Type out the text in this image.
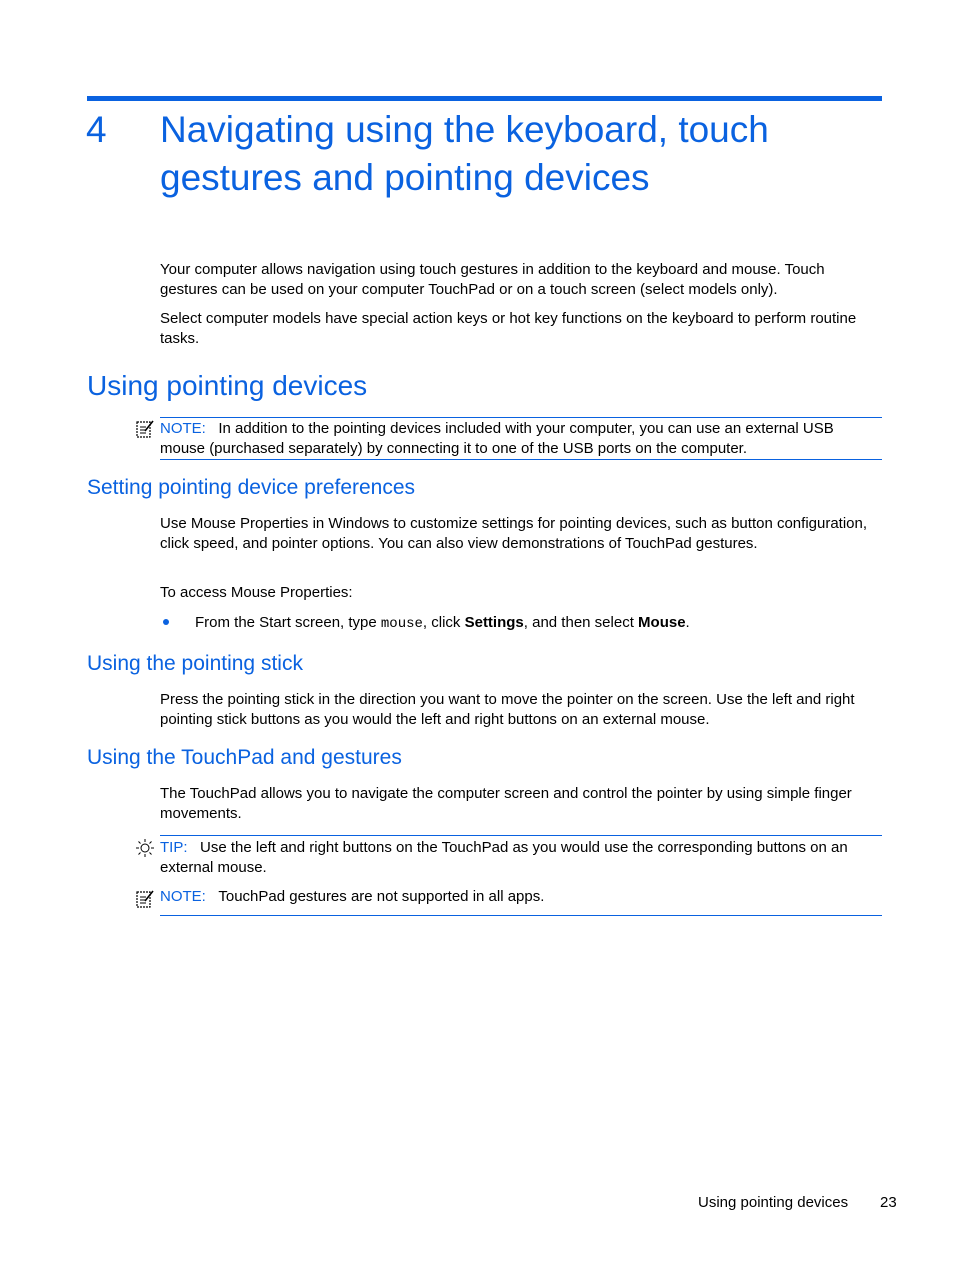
4 Navigating using the keyboard, touch gestures and pointing devices

Your computer allows navigation using touch gestures in addition to the keyboard and mouse. Touch gestures can be used on your computer TouchPad or on a touch screen (select models only).

Select computer models have special action keys or hot key functions on the keyboard to perform routine tasks.

Using pointing devices

NOTE: In addition to the pointing devices included with your computer, you can use an external USB mouse (purchased separately) by connecting it to one of the USB ports on the computer.

Setting pointing device preferences

Use Mouse Properties in Windows to customize settings for pointing devices, such as button configuration, click speed, and pointer options. You can also view demonstrations of TouchPad gestures.

To access Mouse Properties:

From the Start screen, type mouse, click Settings, and then select Mouse.

Using the pointing stick

Press the pointing stick in the direction you want to move the pointer on the screen. Use the left and right pointing stick buttons as you would the left and right buttons on an external mouse.

Using the TouchPad and gestures

The TouchPad allows you to navigate the computer screen and control the pointer by using simple finger movements.

TIP: Use the left and right buttons on the TouchPad as you would use the corresponding buttons on an external mouse.

NOTE: TouchPad gestures are not supported in all apps.

Using pointing devices 23
